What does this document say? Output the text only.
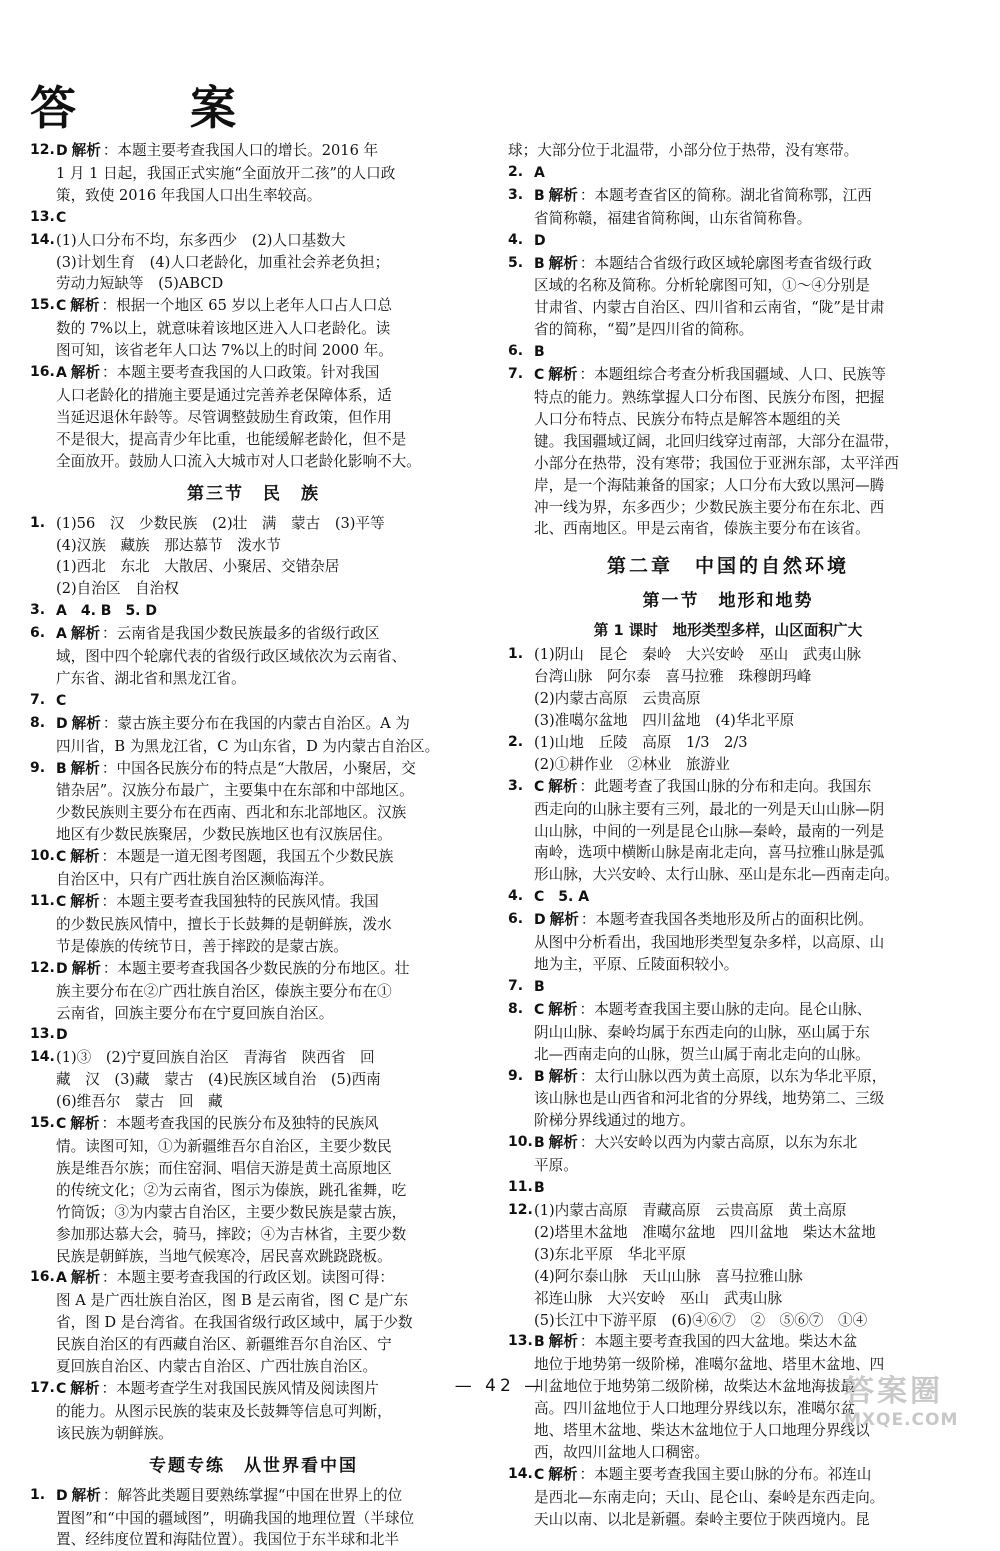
答　案
12. D 解析 ：本题主要考查我国人口的增长。2016 年
1 月 1 日起，我国正式实施“全面放开二孩”的人口政
策，致使 2016 年我国人口出生率较高。
13. C
14. (1)人口分布不均，东多西少　(2)人口基数大
(3)计划生育　(4)人口老龄化，加重社会养老负担；
劳动力短缺等　(5)ABCD
15. C 解析 ：根据一个地区 65 岁以上老年人口占人口总
数的 7%以上，就意味着该地区进入人口老龄化。读
图可知，该省老年人口达 7%以上的时间 2000 年。
16. A 解析 ：本题主要考查我国的人口政策。针对我国
人口老龄化的措施主要是通过完善养老保障体系，适
当延迟退休年龄等。尽管调整鼓励生育政策，但作用
不是很大，提高青少年比重，也能缓解老龄化，但不是
全面放开。鼓励人口流入大城市对人口老龄化影响不大。
第三节　民　族
1. (1)56　汉　少数民族　(2)壮　满　蒙古　(3)平等
(4)汉族　藏族　那达慕节　泼水节
(1)西北　东北　大散居、小聚居、交错杂居
(2)自治区　自治权
3. A　4. B　5. D
6. A 解析 ：云南省是我国少数民族最多的省级行政区
域，图中四个轮廓代表的省级行政区域依次为云南省、
广东省、湖北省和黑龙江省。
7. C
8. D 解析 ：蒙古族主要分布在我国的内蒙古自治区。A 为
四川省，B 为黑龙江省，C 为山东省，D 为内蒙古自治区。
9. B 解析 ：中国各民族分布的特点是“大散居，小聚居，交
错杂居”。汉族分布最广，主要集中在东部和中部地区。
少数民族则主要分布在西南、西北和东北部地区。汉族
地区有少数民族聚居，少数民族地区也有汉族居住。
10. C 解析 ：本题是一道无图考图题，我国五个少数民族
自治区中，只有广西壮族自治区濒临海洋。
11. C 解析 ：本题主要考查我国独特的民族风情。我国
的少数民族风情中，擅长于长鼓舞的是朝鲜族，泼水
节是傣族的传统节日，善于摔跤的是蒙古族。
12. D 解析 ：本题主要考查我国各少数民族的分布地区。壮
族主要分布在②广西壮族自治区，傣族主要分布在①
云南省，回族主要分布在宁夏回族自治区。
13. D
14. (1)③　(2)宁夏回族自治区　青海省　陕西省　回
藏　汉　(3)藏　蒙古　(4)民族区域自治　(5)西南
(6)维吾尔　蒙古　回　藏
15. C 解析 ：本题考查我国的民族分布及独特的民族风
情。读图可知，①为新疆维吾尔自治区，主要少数民
族是维吾尔族；而住窑洞、唱信天游是黄土高原地区
的传统文化；②为云南省，图示为傣族，跳孔雀舞，吃
竹筒饭；③为内蒙古自治区，主要少数民族是蒙古族，
参加那达慕大会，骑马，摔跤；④为吉林省，主要少数
民族是朝鲜族，当地气候寒冷，居民喜欢跳跷跷板。
16. A 解析 ：本题主要考查我国的行政区划。读图可得：
图 A 是广西壮族自治区，图 B 是云南省，图 C 是广东
省，图 D 是台湾省。在我国省级行政区域中，属于少数
民族自治区的有西藏自治区、新疆维吾尔自治区、宁
夏回族自治区、内蒙古自治区、广西壮族自治区。
17. C 解析 ：本题考查学生对我国民族风情及阅读图片
的能力。从图示民族的装束及长鼓舞等信息可判断，
该民族为朝鲜族。
专题专练　从世界看中国
1. D 解析 ：解答此类题目要熟练掌握“中国在世界上的位
置图”和“中国的疆域图”，明确我国的地理位置（半球位
置、经纬度位置和海陆位置）。我国位于东半球和北半
球；大部分位于北温带，小部分位于热带，没有寒带。
2. A
3. B 解析 ：本题考查省区的简称。湖北省简称鄂，江西
省简称赣，福建省简称闽，山东省简称鲁。
4. D
5. B 解析 ：本题结合省级行政区域轮廓图考查省级行政
区域的名称及简称。分析轮廓图可知，①～④分别是
甘肃省、内蒙古自治区、四川省和云南省，“陇”是甘肃
省的简称，“蜀”是四川省的简称。
6. B
7. C 解析 ：本题组综合考查分析我国疆域、人口、民族等
特点的能力。熟练掌握人口分布图、民族分布图，把握
人口分布特点、民族分布特点是解答本题组的关
键。我国疆域辽阔，北回归线穿过南部，大部分在温带，
小部分在热带，没有寒带；我国位于亚洲东部，太平洋西
岸，是一个海陆兼备的国家；人口分布大致以黑河—腾
冲一线为界，东多西少；少数民族主要分布在东北、西
北、西南地区。甲是云南省，傣族主要分布在该省。
第二章　中国的自然环境
第一节　地形和地势
第 1 课时　地形类型多样，山区面积广大
1. (1)阴山　昆仑　秦岭　大兴安岭　巫山　武夷山脉
台湾山脉　阿尔泰　喜马拉雅　珠穆朗玛峰
(2)内蒙古高原　云贵高原
(3)准噶尔盆地　四川盆地　(4)华北平原
2. (1)山地　丘陵　高原　1/3　2/3
(2)①耕作业　②林业　旅游业
3. C 解析 ：此题考查了我国山脉的分布和走向。我国东
西走向的山脉主要有三列，最北的一列是天山山脉—阴
山山脉，中间的一列是昆仑山脉—秦岭，最南的一列是
南岭，选项中横断山脉是南北走向，喜马拉雅山脉是弧
形山脉，大兴安岭、太行山脉、巫山是东北—西南走向。
4. C　5. A
6. D 解析 ：本题考查我国各类地形及所占的面积比例。
从图中分析看出，我国地形类型复杂多样，以高原、山
地为主，平原、丘陵面积较小。
7. B
8. C 解析 ：本题考查我国主要山脉的走向。昆仑山脉、
阴山山脉、秦岭均属于东西走向的山脉，巫山属于东
北—西南走向的山脉，贺兰山属于南北走向的山脉。
9. B 解析 ：太行山脉以西为黄土高原，以东为华北平原，
该山脉也是山西省和河北省的分界线，地势第二、三级
阶梯分界线通过的地方。
10. B 解析 ：大兴安岭以西为内蒙古高原，以东为东北
平原。
11. B
12. (1)内蒙古高原　青藏高原　云贵高原　黄土高原
(2)塔里木盆地　准噶尔盆地　四川盆地　柴达木盆地
(3)东北平原　华北平原
(4)阿尔泰山脉　天山山脉　喜马拉雅山脉
祁连山脉　大兴安岭　巫山　武夷山脉
(5)长江中下游平原　(6)④⑥⑦　②　⑤⑥⑦　①④
13. B 解析 ：本题主要考查我国的四大盆地。柴达木盆
地位于地势第一级阶梯，准噶尔盆地、塔里木盆地、四
川盆地位于地势第二级阶梯，故柴达木盆地海拔最
高。四川盆地位于人口地理分界线以东，准噶尔盆
地、塔里木盆地、柴达木盆地位于人口地理分界线以
西，故四川盆地人口稠密。
14. C 解析 ：本题主要考查我国主要山脉的分布。祁连山
是西北—东南走向；天山、昆仑山、秦岭是东西走向。
天山以南、以北是新疆。秦岭主要位于陕西境内。昆
— 42 —	答案圈
MXQE.COM
